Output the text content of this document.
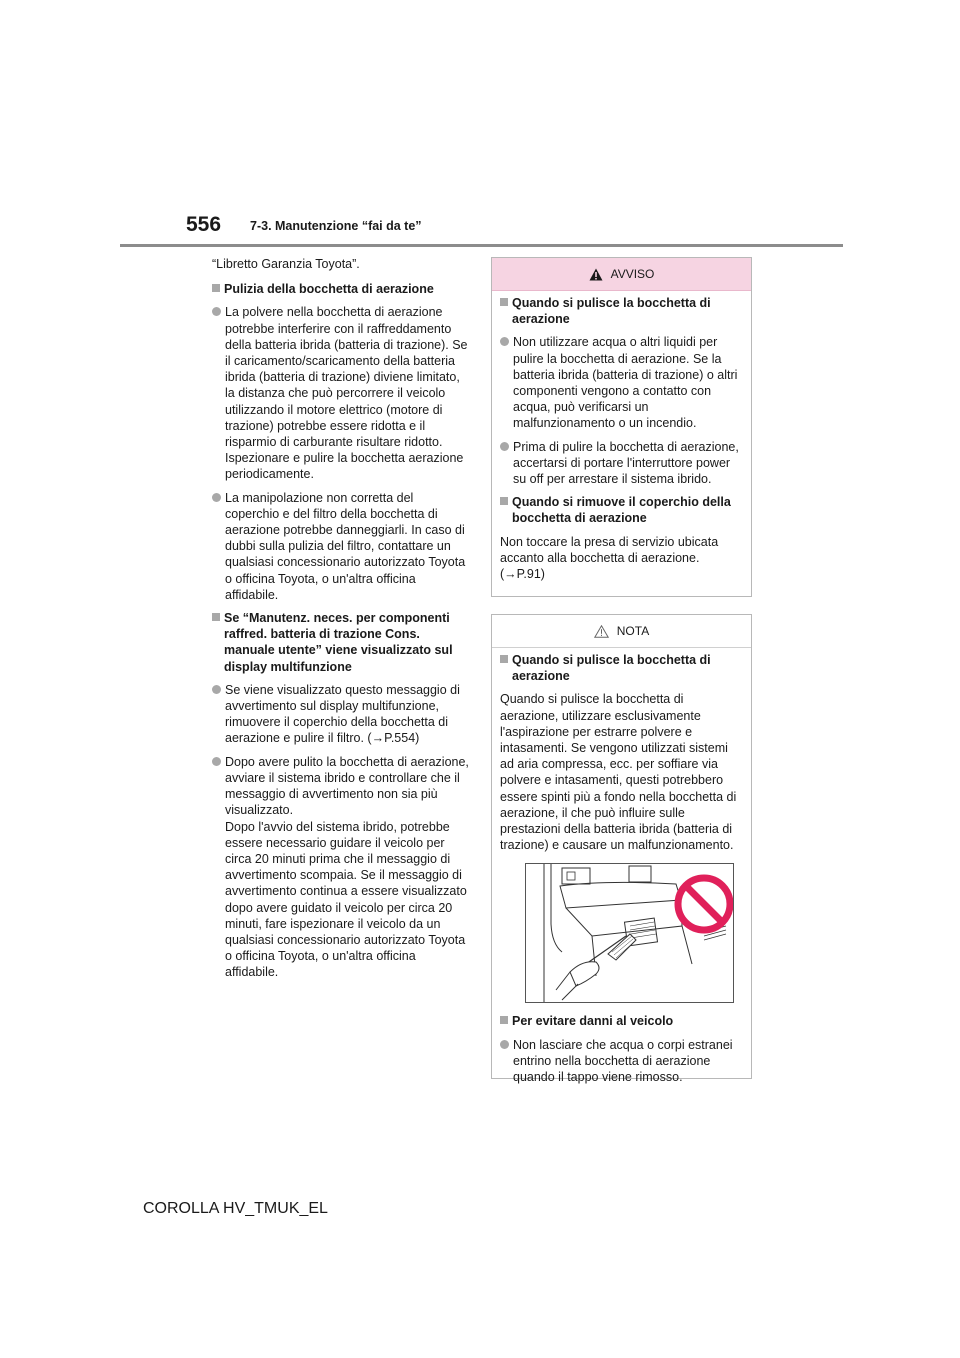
556 7-3. Manutenzione “fai da te”

“Libretto Garanzia Toyota”.

Pulizia della bocchetta di aerazione
La polvere nella bocchetta di aerazione potrebbe interferire con il raffreddamento della batteria ibrida (batteria di trazione). Se il caricamento/scaricamento della batteria ibrida (batteria di trazione) diviene limitato, la distanza che può percorrere il veicolo utilizzando il motore elettrico (motore di trazione) potrebbe essere ridotta e il risparmio di carburante risultare ridotto.
Ispezionare e pulire la bocchetta aerazione periodicamente.
La manipolazione non corretta del coperchio e del filtro della bocchetta di aerazione potrebbe danneggiarli. In caso di dubbi sulla pulizia del filtro, contattare un qualsiasi concessionario autorizzato Toyota o officina Toyota, o un'altra officina affidabile.
Se “Manutenz. neces. per componenti raffred. batteria di trazione Cons. manuale utente” viene visualizzato sul display multifunzione
Se viene visualizzato questo messaggio di avvertimento sul display multifunzione, rimuovere il coperchio della bocchetta di aerazione e pulire il filtro. (→P.554)
Dopo avere pulito la bocchetta di aerazione, avviare il sistema ibrido e controllare che il messaggio di avvertimento non sia più visualizzato.
Dopo l'avvio del sistema ibrido, potrebbe essere necessario guidare il veicolo per circa 20 minuti prima che il messaggio di avvertimento scompaia. Se il messaggio di avvertimento continua a essere visualizzato dopo avere guidato il veicolo per circa 20 minuti, fare ispezionare il veicolo da un qualsiasi concessionario autorizzato Toyota o officina Toyota, o un'altra officina affidabile.
AVVISO
Quando si pulisce la bocchetta di aerazione
Non utilizzare acqua o altri liquidi per pulire la bocchetta di aerazione. Se la batteria ibrida (batteria di trazione) o altri componenti vengono a contatto con acqua, può verificarsi un malfunzionamento o un incendio.
Prima di pulire la bocchetta di aerazione, accertarsi di portare l'interruttore power su off per arrestare il sistema ibrido.
Quando si rimuove il coperchio della bocchetta di aerazione

Non toccare la presa di servizio ubicata accanto alla bocchetta di aerazione. (→P.91)

NOTA
Quando si pulisce la bocchetta di aerazione

Quando si pulisce la bocchetta di aerazione, utilizzare esclusivamente l'aspirazione per estrarre polvere e intasamenti. Se vengono utilizzati sistemi ad aria compressa, ecc. per soffiare via polvere e intasamenti, questi potrebbero essere spinti più a fondo nella bocchetta di aerazione, il che può influire sulle prestazioni della batteria ibrida (batteria di trazione) e causare un malfunzionamento.

Per evitare danni al veicolo
Non lasciare che acqua o corpi estranei entrino nella bocchetta di aerazione quando il tappo viene rimosso.
COROLLA HV_TMUK_EL
